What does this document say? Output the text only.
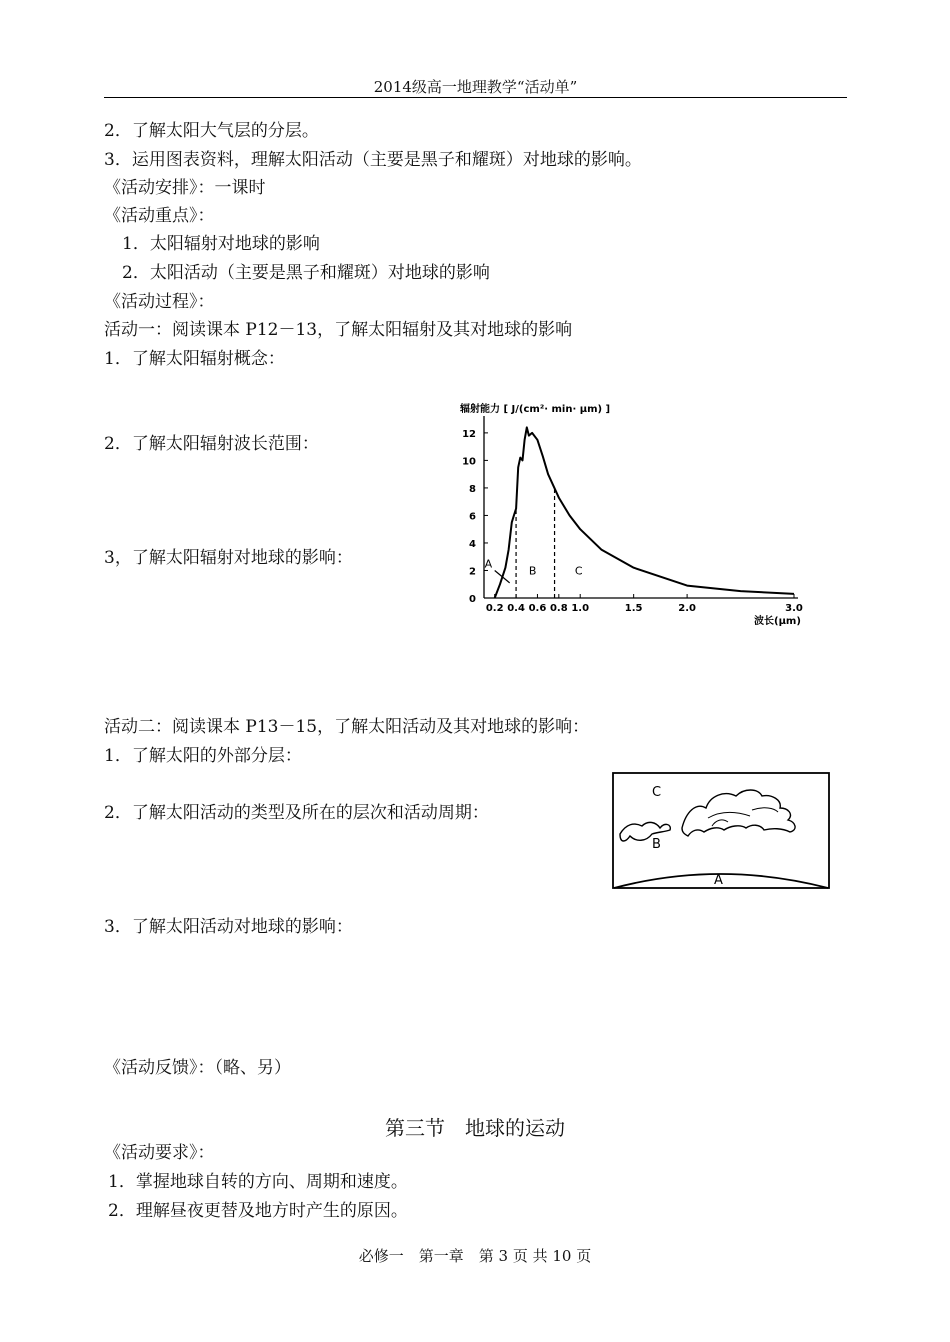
2014级高一地理教学“活动单”
2．了解太阳大气层的分层。
3．运用图表资料，理解太阳活动（主要是黑子和耀斑）对地球的影响。
《活动安排》：一课时
《活动重点》：
1．太阳辐射对地球的影响
2．太阳活动（主要是黑子和耀斑）对地球的影响
《活动过程》：
活动一：阅读课本 P12－13，了解太阳辐射及其对地球的影响
1．了解太阳辐射概念：
2．了解太阳辐射波长范围：
3，了解太阳辐射对地球的影响：
辐射能力 [ J/(cm²· min· μm) ]
波长(μm)
0
2
4
6
8
10
12
0.2 0.4 0.6 0.8 1.0	1.5	2.0	3.0
A
B	C
活动二：阅读课本 P13－15，了解太阳活动及其对地球的影响：
1．了解太阳的外部分层：
2．了解太阳活动的类型及所在的层次和活动周期：
C
B
A
3．了解太阳活动对地球的影响：
《活动反馈》：（略、另）
第三节　地球的运动
《活动要求》：
1．掌握地球自转的方向、周期和速度。
2．理解昼夜更替及地方时产生的原因。
必修一　第一章　第 3 页 共 10 页
